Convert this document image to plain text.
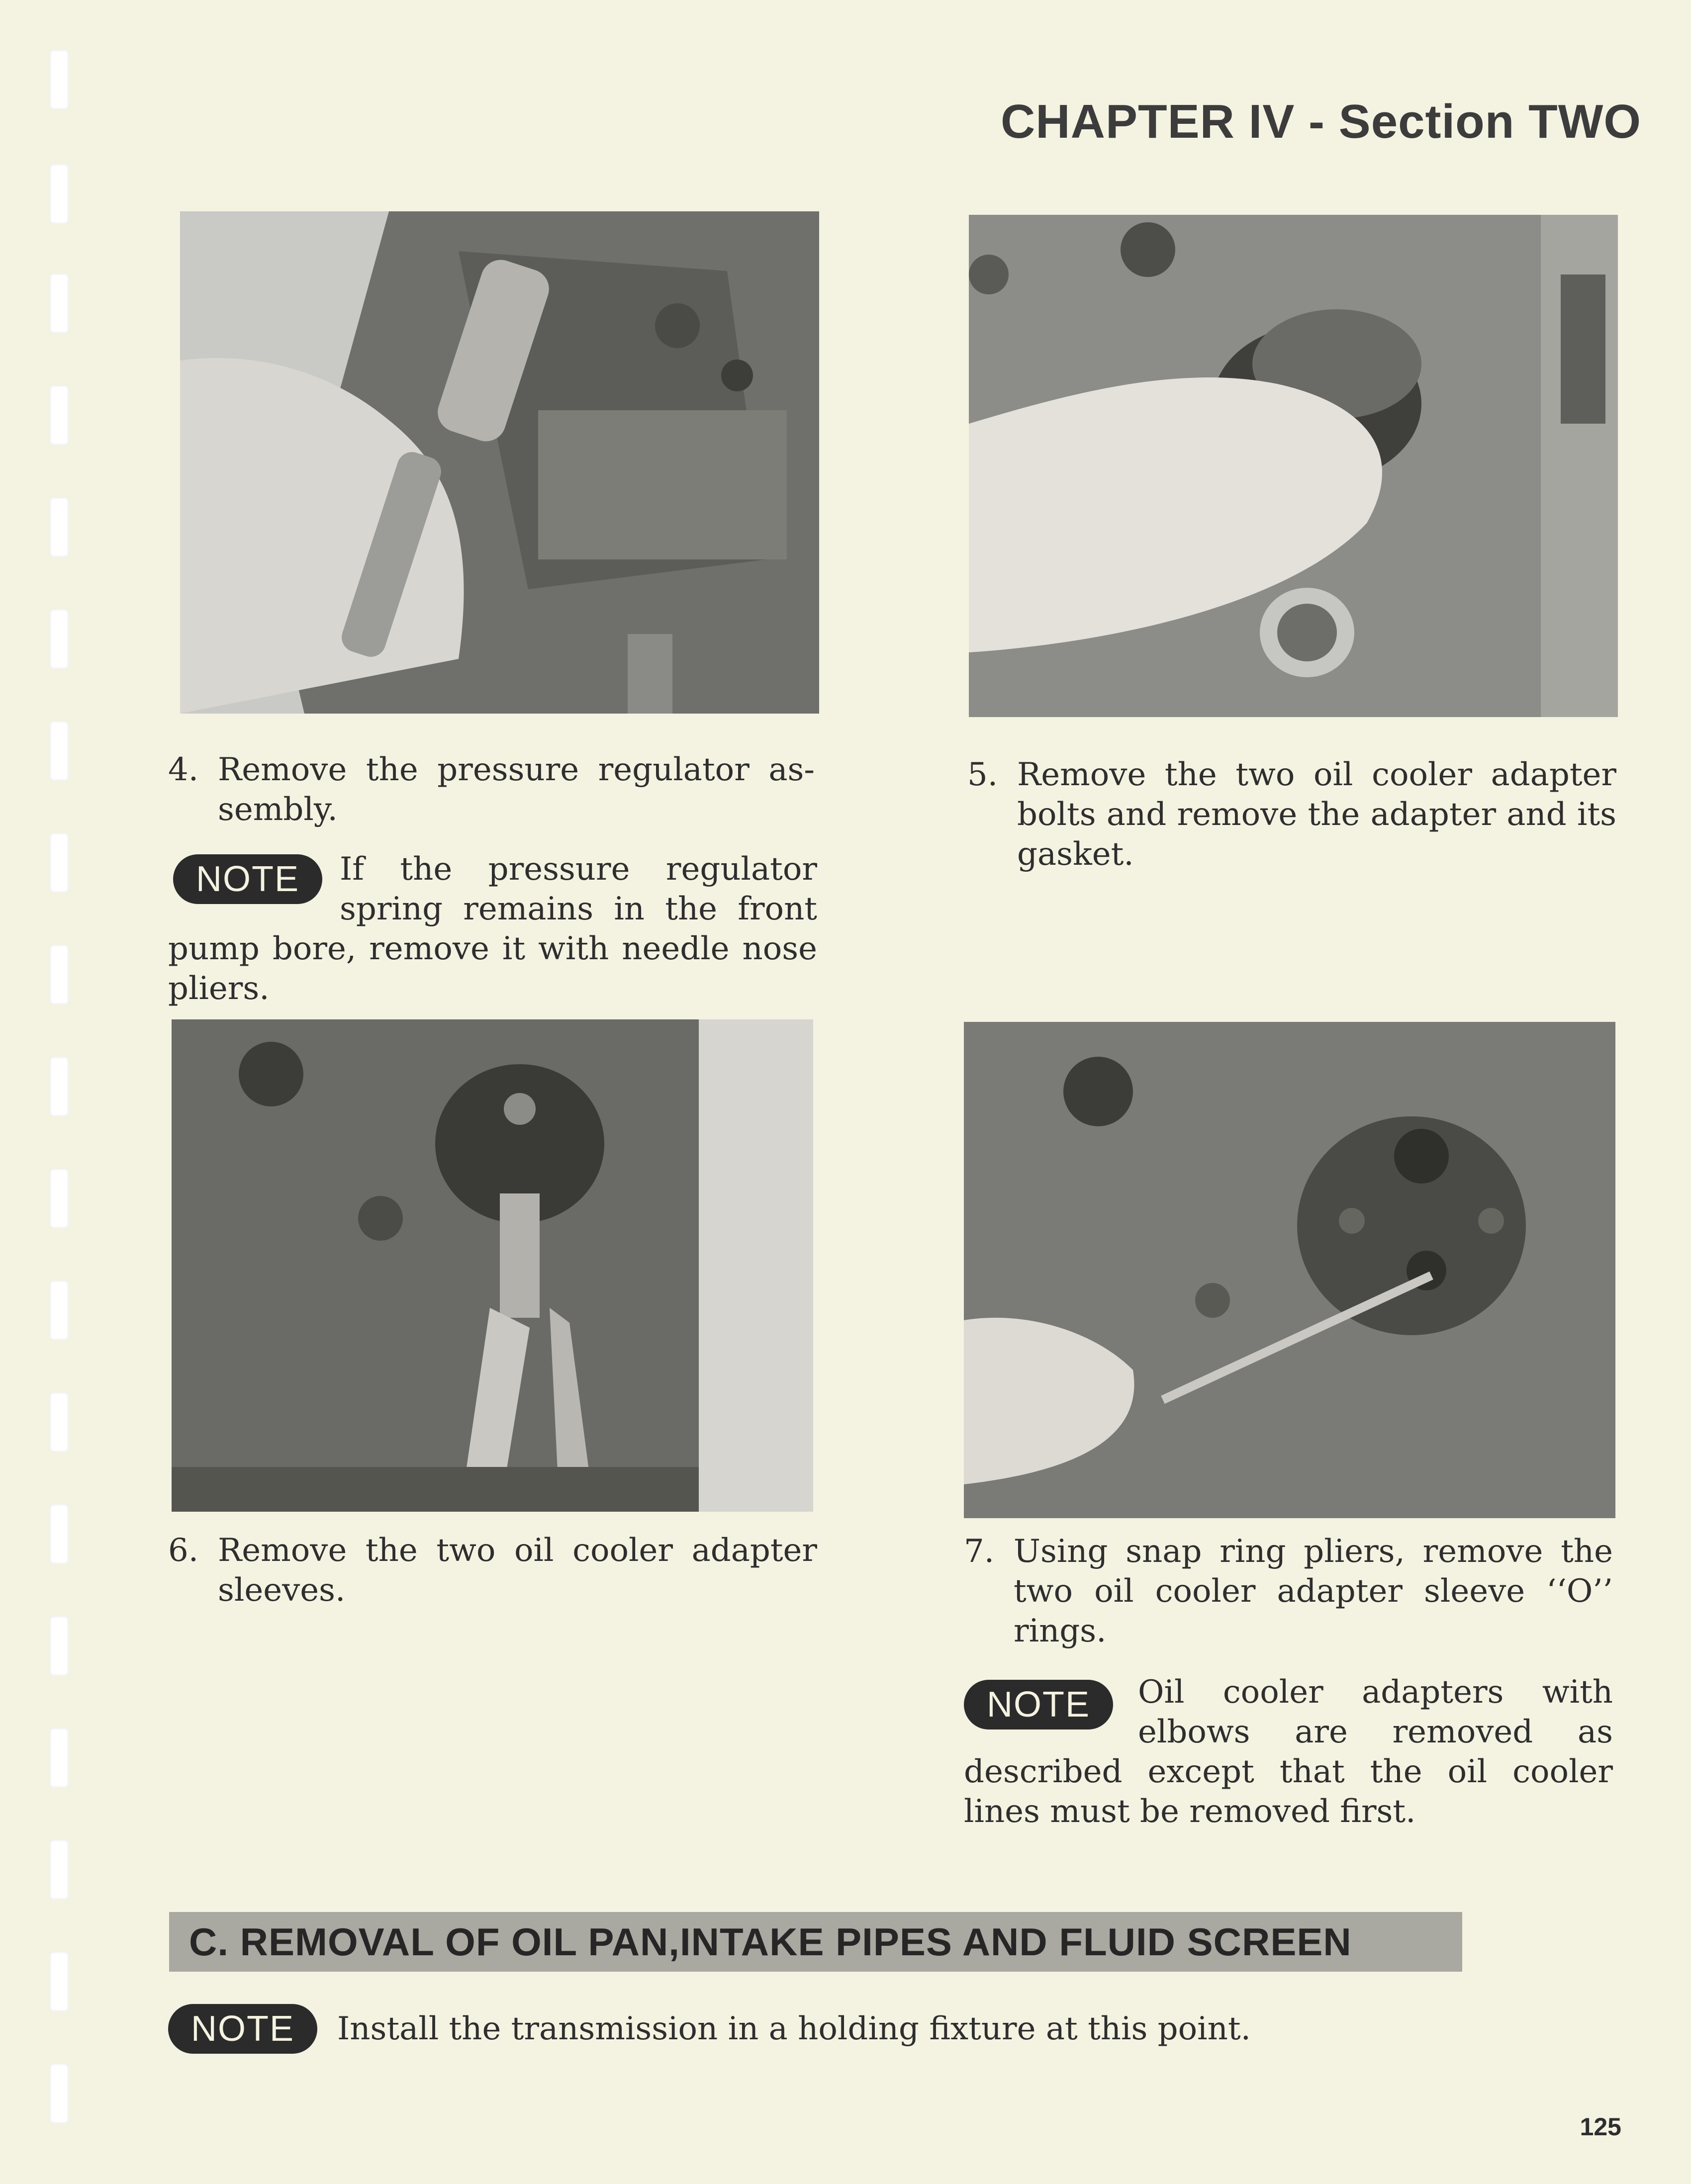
CHAPTER IV - Section TWO
4. Remove the pressure regulator as-sembly.
NOTE	If the pressure regulator spring remains in the front pump bore, remove it with needle nose pliers.
5. Remove the two oil cooler adapter bolts and remove the adapter and its gasket.
6. Remove the two oil cooler adapter sleeves.
7. Using snap ring pliers, remove the two oil cooler adapter sleeve ‘‘O’’ rings.
NOTE	Oil cooler adapters with elbows are removed as described except that the oil cooler lines must be removed first.
C. REMOVAL OF OIL PAN,INTAKE PIPES AND FLUID SCREEN
NOTE	Install the transmission in a holding fixture at this point.
125
